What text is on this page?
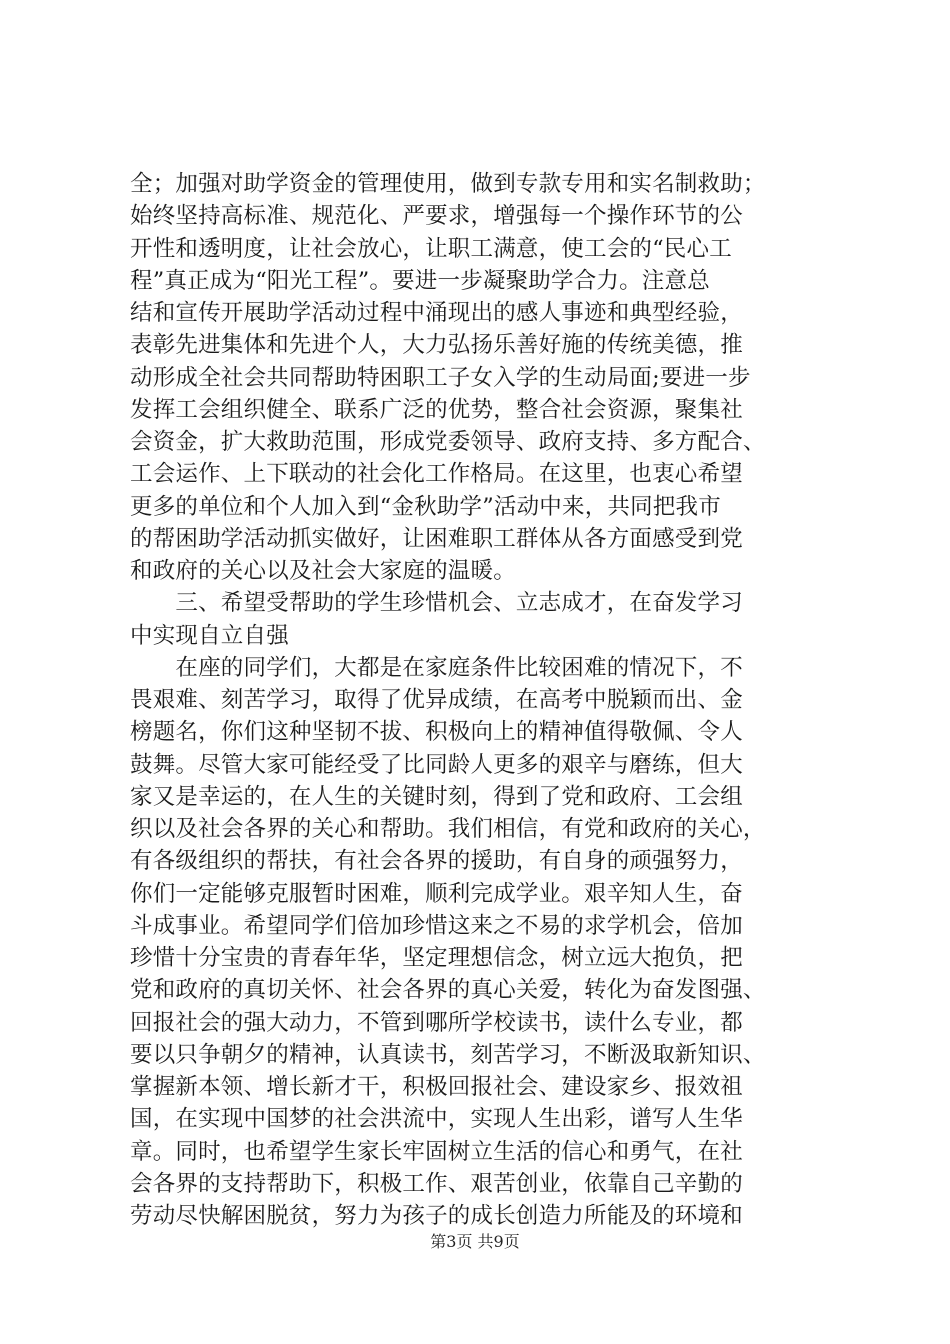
全；加强对助学资金的管理使用，做到专款专用和实名制救助；
始终坚持高标准、规范化、严要求，增强每一个操作环节的公
开性和透明度，让社会放心，让职工满意，使工会的“民心工
程”真正成为“阳光工程”。要进一步凝聚助学合力。注意总
结和宣传开展助学活动过程中涌现出的感人事迹和典型经验，
表彰先进集体和先进个人，大力弘扬乐善好施的传统美德，推
动形成全社会共同帮助特困职工子女入学的生动局面;要进一步
发挥工会组织健全、联系广泛的优势，整合社会资源，聚集社
会资金，扩大救助范围，形成党委领导、政府支持、多方配合、
工会运作、上下联动的社会化工作格局。在这里，也衷心希望
更多的单位和个人加入到“金秋助学”活动中来，共同把我市
的帮困助学活动抓实做好，让困难职工群体从各方面感受到党
和政府的关心以及社会大家庭的温暖。
　　三、希望受帮助的学生珍惜机会、立志成才，在奋发学习
中实现自立自强
　　在座的同学们，大都是在家庭条件比较困难的情况下，不
畏艰难、刻苦学习，取得了优异成绩，在高考中脱颖而出、金
榜题名，你们这种坚韧不拔、积极向上的精神值得敬佩、令人
鼓舞。尽管大家可能经受了比同龄人更多的艰辛与磨练，但大
家又是幸运的，在人生的关键时刻，得到了党和政府、工会组
织以及社会各界的关心和帮助。我们相信，有党和政府的关心，
有各级组织的帮扶，有社会各界的援助，有自身的顽强努力，
你们一定能够克服暂时困难，顺利完成学业。艰辛知人生，奋
斗成事业。希望同学们倍加珍惜这来之不易的求学机会，倍加
珍惜十分宝贵的青春年华，坚定理想信念，树立远大抱负，把
党和政府的真切关怀、社会各界的真心关爱，转化为奋发图强、
回报社会的强大动力，不管到哪所学校读书，读什么专业，都
要以只争朝夕的精神，认真读书，刻苦学习，不断汲取新知识、
掌握新本领、增长新才干，积极回报社会、建设家乡、报效祖
国，在实现中国梦的社会洪流中，实现人生出彩，谱写人生华
章。同时，也希望学生家长牢固树立生活的信心和勇气，在社
会各界的支持帮助下，积极工作、艰苦创业，依靠自己辛勤的
劳动尽快解困脱贫，努力为孩子的成长创造力所能及的环境和
第3页 共9页
